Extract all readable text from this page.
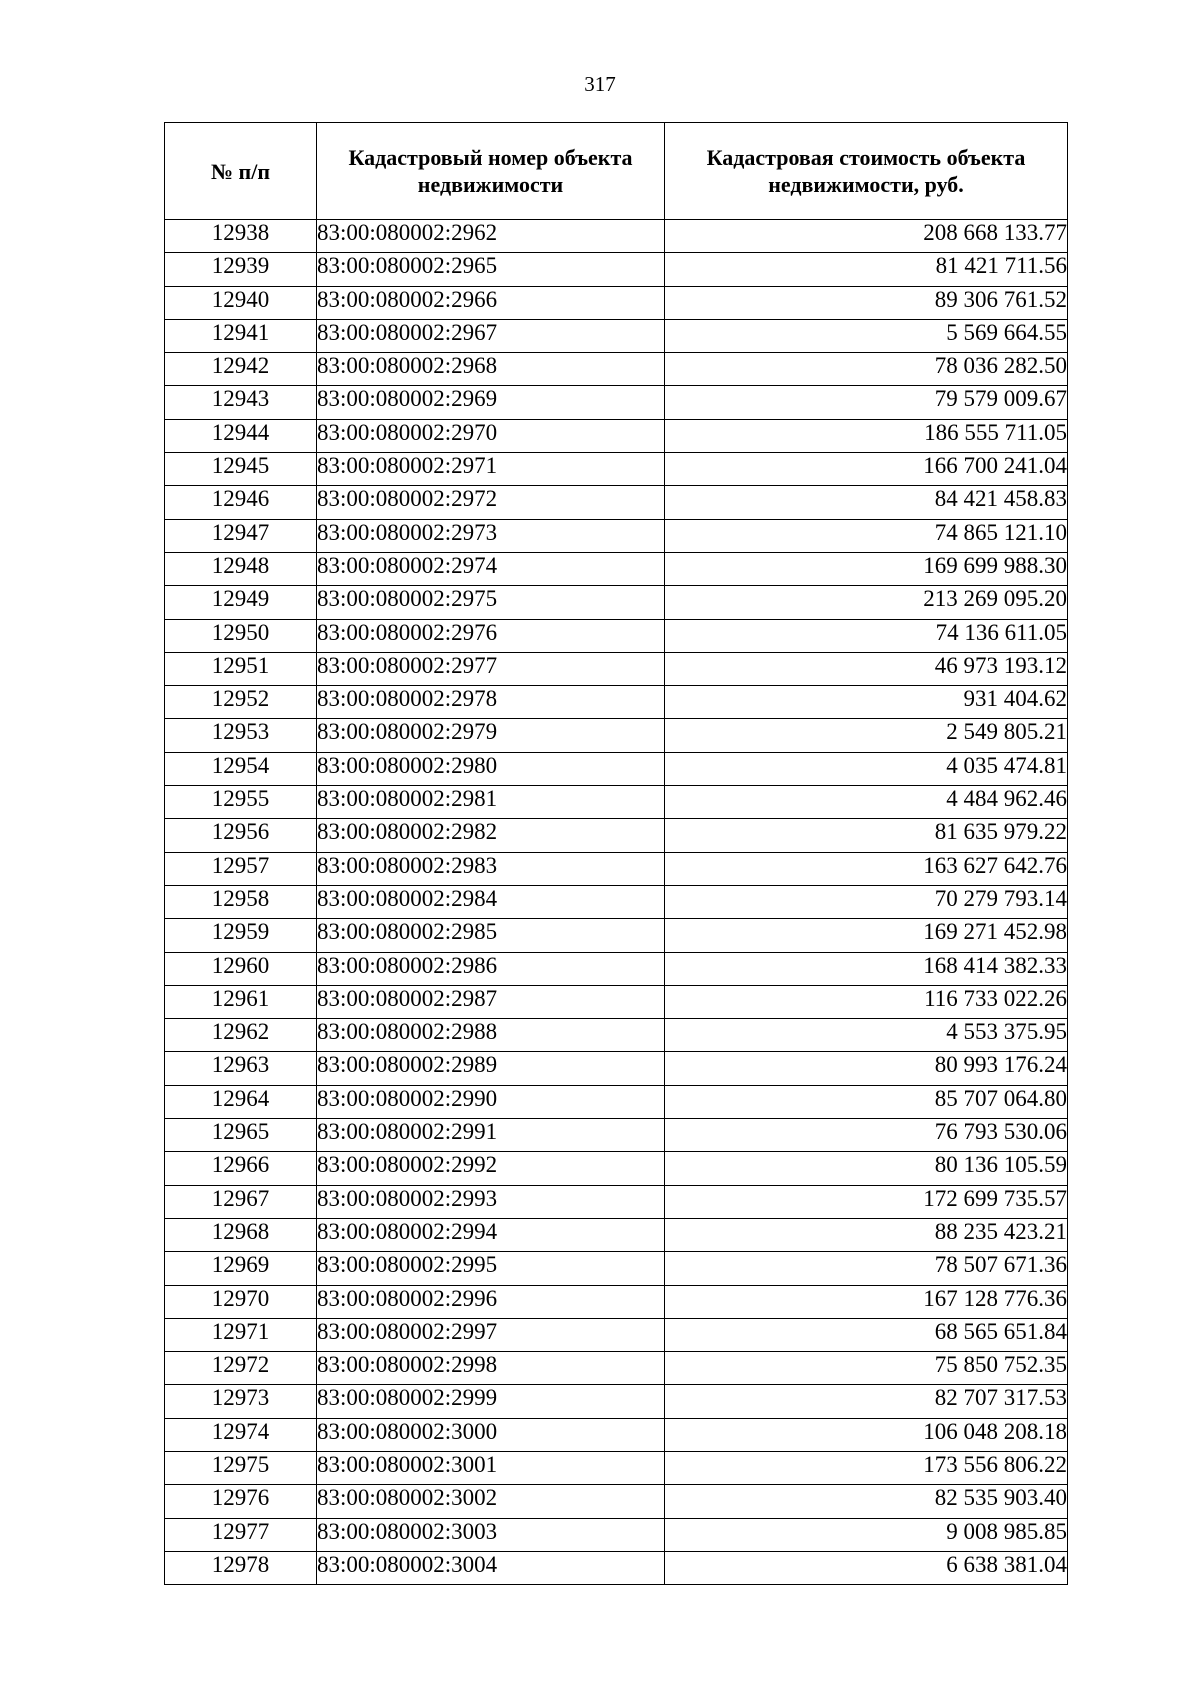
317
№ п/п	Кадастровый номер объекта недвижимости	Кадастровая стоимость объекта недвижимости, руб.
12938	83:00:080002:2962	208 668 133.77
12939	83:00:080002:2965	81 421 711.56
12940	83:00:080002:2966	89 306 761.52
12941	83:00:080002:2967	5 569 664.55
12942	83:00:080002:2968	78 036 282.50
12943	83:00:080002:2969	79 579 009.67
12944	83:00:080002:2970	186 555 711.05
12945	83:00:080002:2971	166 700 241.04
12946	83:00:080002:2972	84 421 458.83
12947	83:00:080002:2973	74 865 121.10
12948	83:00:080002:2974	169 699 988.30
12949	83:00:080002:2975	213 269 095.20
12950	83:00:080002:2976	74 136 611.05
12951	83:00:080002:2977	46 973 193.12
12952	83:00:080002:2978	931 404.62
12953	83:00:080002:2979	2 549 805.21
12954	83:00:080002:2980	4 035 474.81
12955	83:00:080002:2981	4 484 962.46
12956	83:00:080002:2982	81 635 979.22
12957	83:00:080002:2983	163 627 642.76
12958	83:00:080002:2984	70 279 793.14
12959	83:00:080002:2985	169 271 452.98
12960	83:00:080002:2986	168 414 382.33
12961	83:00:080002:2987	116 733 022.26
12962	83:00:080002:2988	4 553 375.95
12963	83:00:080002:2989	80 993 176.24
12964	83:00:080002:2990	85 707 064.80
12965	83:00:080002:2991	76 793 530.06
12966	83:00:080002:2992	80 136 105.59
12967	83:00:080002:2993	172 699 735.57
12968	83:00:080002:2994	88 235 423.21
12969	83:00:080002:2995	78 507 671.36
12970	83:00:080002:2996	167 128 776.36
12971	83:00:080002:2997	68 565 651.84
12972	83:00:080002:2998	75 850 752.35
12973	83:00:080002:2999	82 707 317.53
12974	83:00:080002:3000	106 048 208.18
12975	83:00:080002:3001	173 556 806.22
12976	83:00:080002:3002	82 535 903.40
12977	83:00:080002:3003	9 008 985.85
12978	83:00:080002:3004	6 638 381.04
